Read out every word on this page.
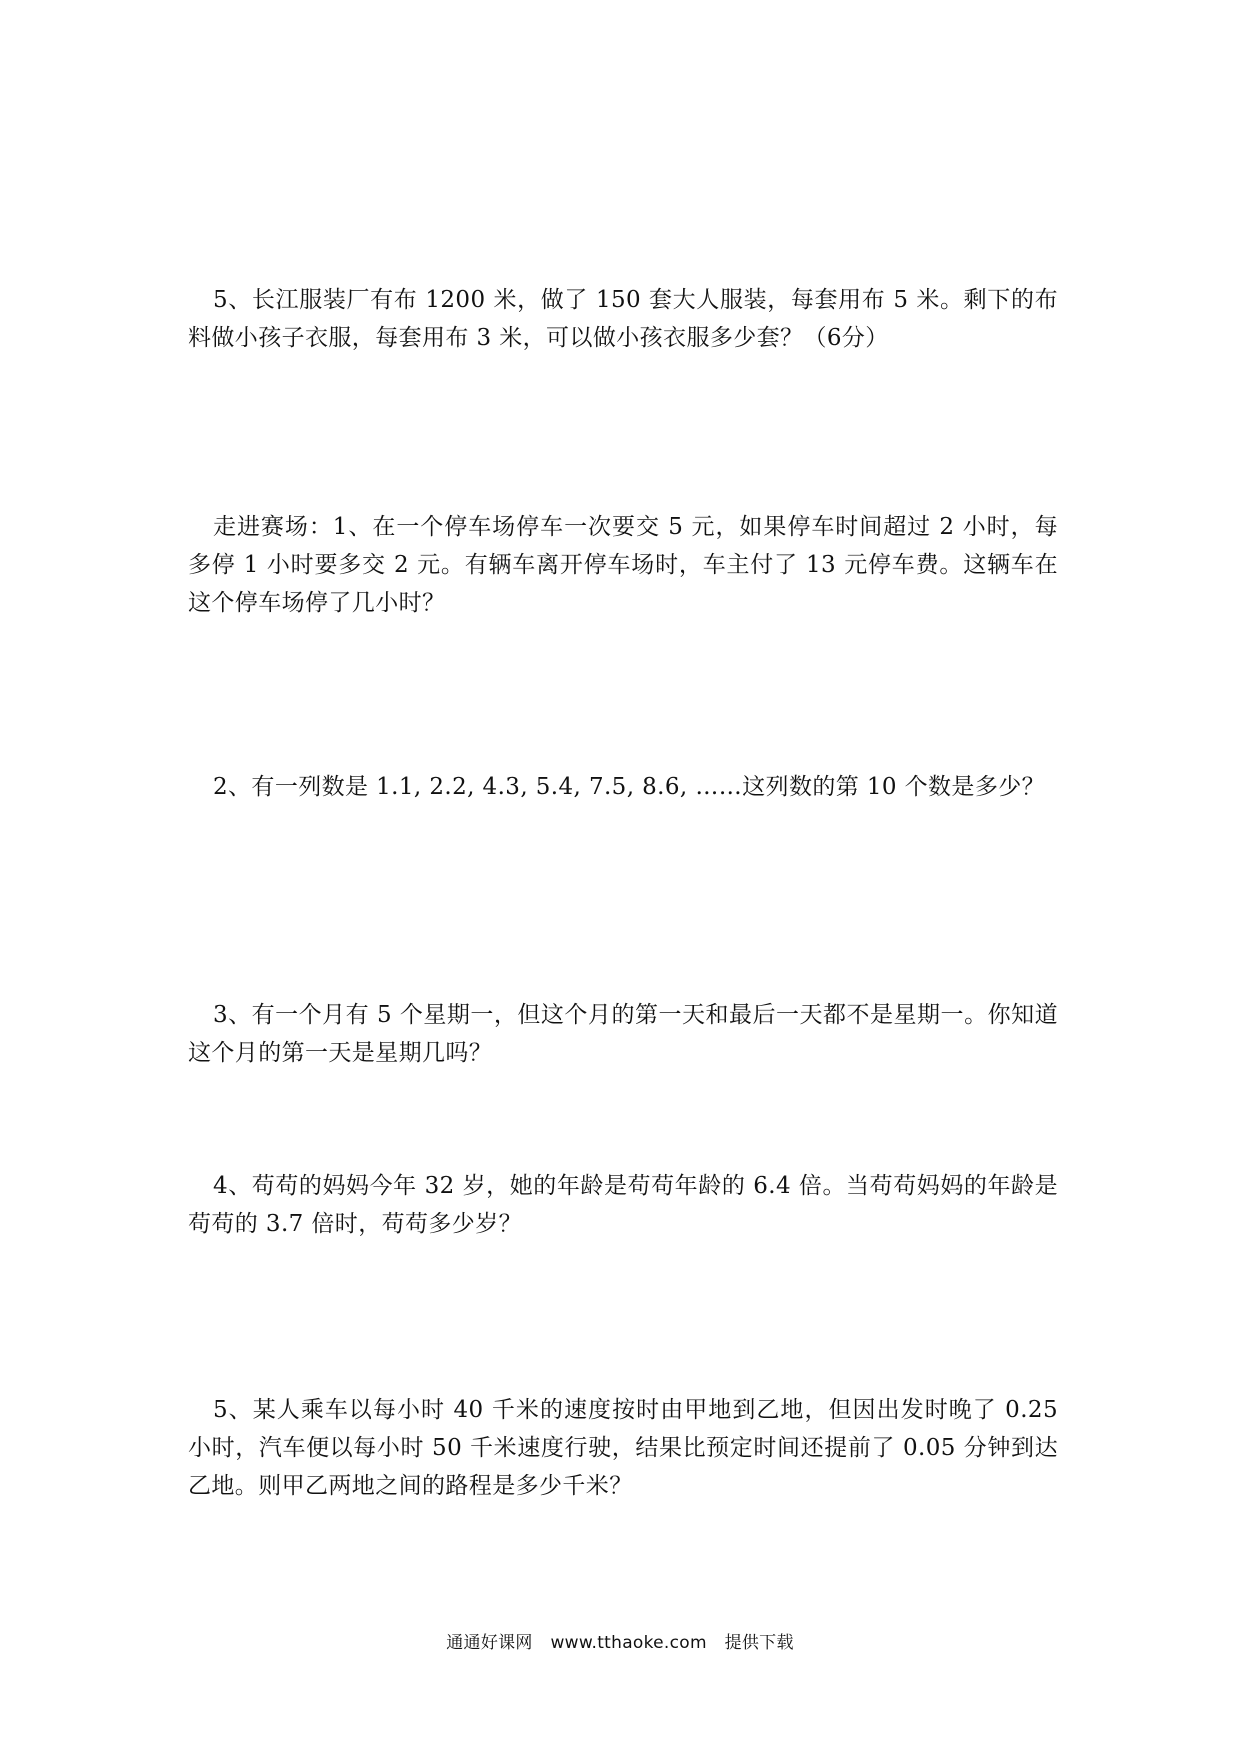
5、长江服装厂有布 1200 米，做了 150 套大人服装，每套用布 5 米。剩下的布料做小孩子衣服，每套用布 3 米，可以做小孩衣服多少套？（6分）

走进赛场：1、在一个停车场停车一次要交 5 元，如果停车时间超过 2 小时，每多停 1 小时要多交 2 元。有辆车离开停车场时，车主付了 13 元停车费。这辆车在这个停车场停了几小时？

2、有一列数是 1.1, 2.2, 4.3, 5.4, 7.5, 8.6, ……这列数的第 10 个数是多少？

3、有一个月有 5 个星期一，但这个月的第一天和最后一天都不是星期一。你知道这个月的第一天是星期几吗？

4、苟苟的妈妈今年 32 岁，她的年龄是苟苟年龄的 6.4 倍。当苟苟妈妈的年龄是苟苟的 3.7 倍时，苟苟多少岁？

5、某人乘车以每小时 40 千米的速度按时由甲地到乙地，但因出发时晚了 0.25 小时，汽车便以每小时 50 千米速度行驶，结果比预定时间还提前了 0.05 分钟到达乙地。则甲乙两地之间的路程是多少千米？

通通好课网 www.tthaoke.com 提供下载
